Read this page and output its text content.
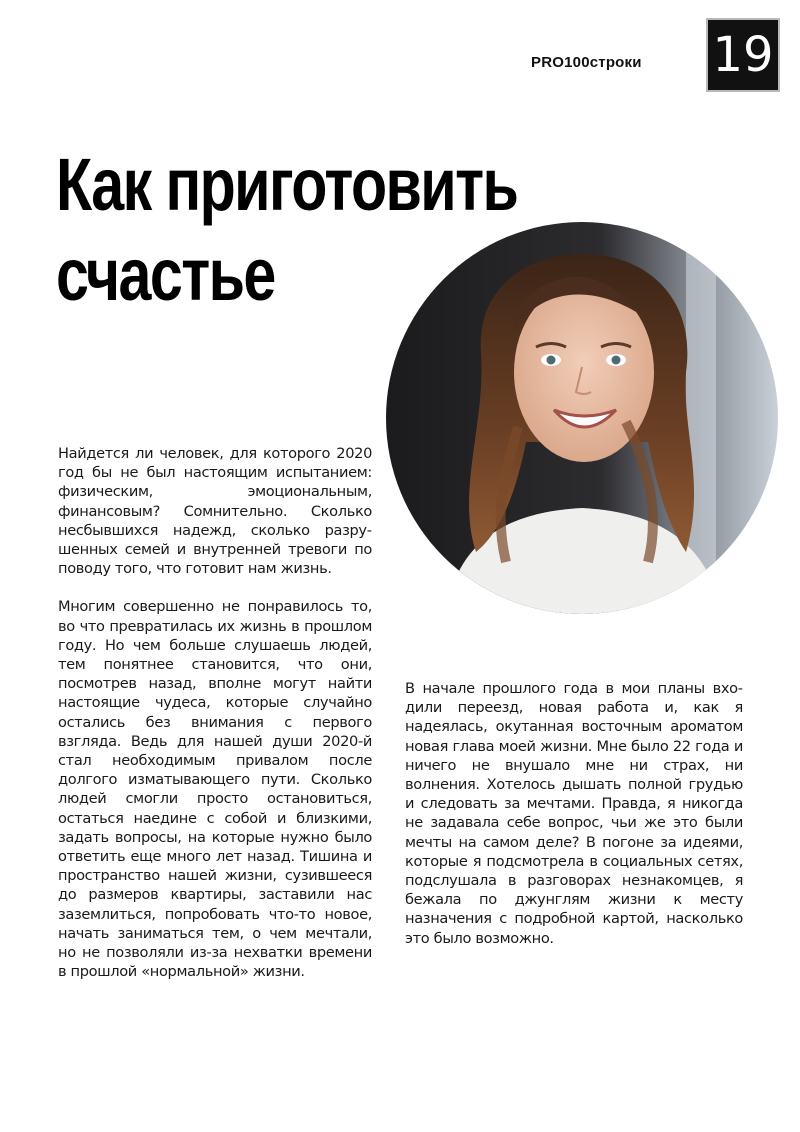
PRO100строки 19
Как приготовить
счастье

Найдется ли человек, для которого 2020 год бы не был настоящим испытанием: физическим, эмоциональным, финансовым? Сомнительно. Сколько несбывшихся надежд, сколько разрушенных семей и внутренней тревоги по поводу того, что готовит нам жизнь.

Многим совершенно не понравилось то, во что превратилась их жизнь в прошлом году. Но чем больше слушаешь людей, тем понятнее становится, что они, посмотрев назад, вполне могут найти настоящие чудеса, которые случайно остались без внимания с первого взгляда. Ведь для нашей души 2020-й стал необходимым привалом после долгого изматывающего пути. Сколько людей смогли просто остановиться, остаться наедине с собой и близкими, задать вопросы, на которые нужно было ответить еще много лет назад. Тишина и пространство нашей жизни, сузившееся до размеров квартиры, заставили нас заземлиться, попробовать что-то новое, начать заниматься тем, о чем мечтали, но не позволяли из-за нехватки времени в прошлой «нормальной» жизни.

В начале прошлого года в мои планы входили переезд, новая работа и, как я надеялась, окутанная восточным ароматом новая глава моей жизни. Мне было 22 года и ничего не внушало мне ни страх, ни волнения. Хотелось дышать полной грудью и следовать за мечтами. Правда, я никогда не задавала себе вопрос, чьи же это были мечты на самом деле? В погоне за идеями, которые я подсмотрела в социальных сетях, подслушала в разговорах незнакомцев, я бежала по джунглям жизни к месту назначения с подробной картой, насколько это было возможно.
